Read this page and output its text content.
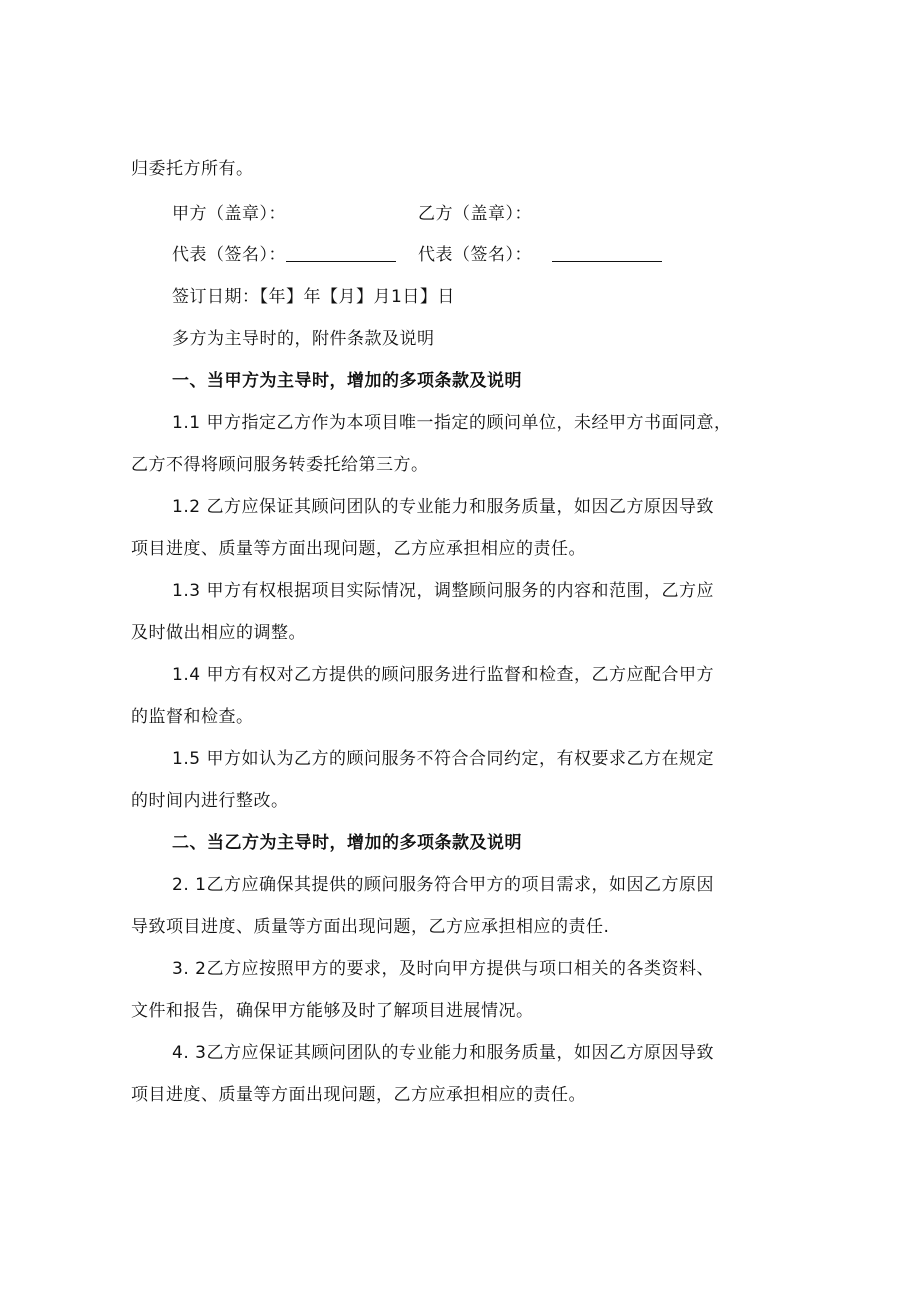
归委托方所有。
甲方（盖章）：	乙方（盖章）：
代表（签名）：	代表（签名）：
签订日期：【年】年【月】月1日】日
多方为主导时的，附件条款及说明
一、当甲方为主导时，增加的多项条款及说明
1.1 甲方指定乙方作为本项目唯一指定的顾问单位，未经甲方书面同意，
乙方不得将顾问服务转委托给第三方。
1.2 乙方应保证其顾问团队的专业能力和服务质量，如因乙方原因导致
项目进度、质量等方面出现问题，乙方应承担相应的责任。
1.3 甲方有权根据项目实际情况，调整顾问服务的内容和范围，乙方应
及时做出相应的调整。
1.4 甲方有权对乙方提供的顾问服务进行监督和检查，乙方应配合甲方
的监督和检查。
1.5 甲方如认为乙方的顾问服务不符合合同约定，有权要求乙方在规定
的时间内进行整改。
二、当乙方为主导时，增加的多项条款及说明
2. 1乙方应确保其提供的顾问服务符合甲方的项目需求，如因乙方原因
导致项目进度、质量等方面出现问题，乙方应承担相应的责任.
3. 2乙方应按照甲方的要求，及时向甲方提供与项口相关的各类资料、
文件和报告，确保甲方能够及时了解项目进展情况。
4. 3乙方应保证其顾问团队的专业能力和服务质量，如因乙方原因导致
项目进度、质量等方面出现问题，乙方应承担相应的责任。
